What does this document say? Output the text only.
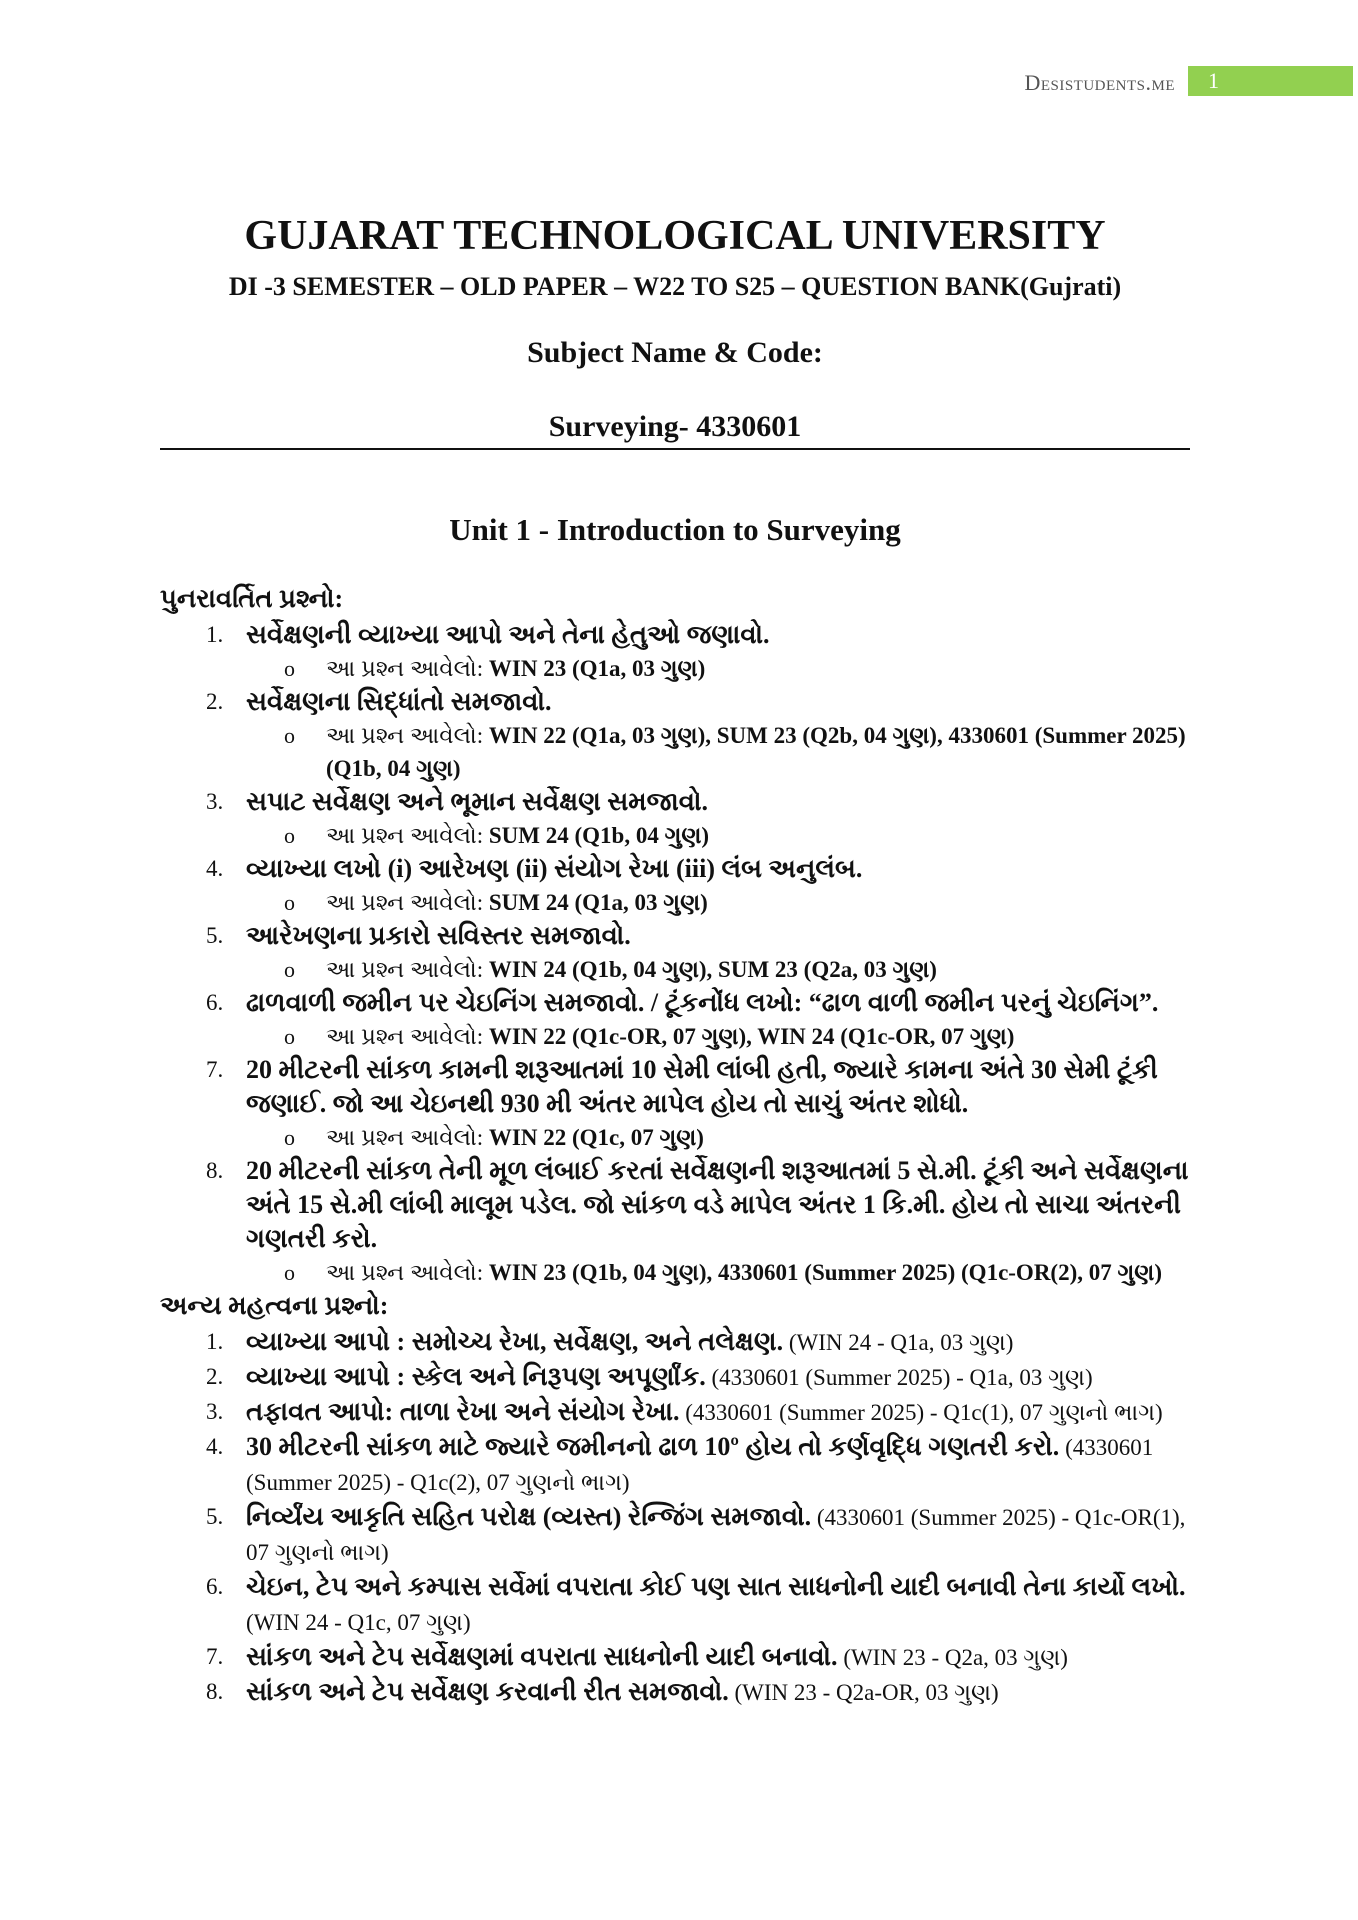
Desistudents.me	1
GUJARAT TECHNOLOGICAL UNIVERSITY
DI -3 SEMESTER – OLD PAPER – W22 TO S25 – QUESTION BANK(Gujrati)
Subject Name & Code:
Surveying- 4330601
Unit 1 - Introduction to Surveying
પુનરાવર્તિત પ્રશ્નો:
1. સર્વેક્ષણની વ્યાખ્યા આપો અને તેના હેતુઓ જણાવો.
o આ પ્રશ્ન આવેલો: WIN 23 (Q1a, 03 ગુણ)
2. સર્વેક્ષણના સિદ્ધાંતો સમજાવો.
o આ પ્રશ્ન આવેલો: WIN 22 (Q1a, 03 ગુણ), SUM 23 (Q2b, 04 ગુણ), 4330601 (Summer 2025) (Q1b, 04 ગુણ)
3. સપાટ સર્વેક્ષણ અને ભૂમાન સર્વેક્ષણ સમજાવો.
o આ પ્રશ્ન આવેલો: SUM 24 (Q1b, 04 ગુણ)
4. વ્યાખ્યા લખો (i) આરેખણ (ii) સંયોગ રેખા (iii) લંબ અનુલંબ.
o આ પ્રશ્ન આવેલો: SUM 24 (Q1a, 03 ગુણ)
5. આરેખણના પ્રકારો સવિસ્તર સમજાવો.
o આ પ્રશ્ન આવેલો: WIN 24 (Q1b, 04 ગુણ), SUM 23 (Q2a, 03 ગુણ)
6. ઢાળવાળી જમીન પર ચેઇનિંગ સમજાવો. / ટૂંકનોંધ લખો: “ઢાળ વાળી જમીન પરનું ચેઇનિંગ”.
o આ પ્રશ્ન આવેલો: WIN 22 (Q1c-OR, 07 ગુણ), WIN 24 (Q1c-OR, 07 ગુણ)
7. 20 મીટરની સાંકળ કામની શરૂઆતમાં 10 સેમી લાંબી હતી, જ્યારે કામના અંતે 30 સેમી ટૂંકી જણાઈ. જો આ ચેઇનથી 930 મી અંતર માપેલ હોય તો સાચું અંતર શોધો.
o આ પ્રશ્ન આવેલો: WIN 22 (Q1c, 07 ગુણ)
8. 20 મીટરની સાંકળ તેની મૂળ લંબાઈ કરતાં સર્વેક્ષણની શરૂઆતમાં 5 સે.મી. ટૂંકી અને સર્વેક્ષણના અંતે 15 સે.મી લાંબી માલૂમ પડેલ. જો સાંકળ વડે માપેલ અંતર 1 કિ.મી. હોય તો સાચા અંતરની ગણતરી કરો.
o આ પ્રશ્ન આવેલો: WIN 23 (Q1b, 04 ગુણ), 4330601 (Summer 2025) (Q1c-OR(2), 07 ગુણ)
અન્ય મહત્વના પ્રશ્નો:
1. વ્યાખ્યા આપો : સમોચ્ચ રેખા, સર્વેક્ષણ, અને તલેક્ષણ. (WIN 24 - Q1a, 03 ગુણ)
2. વ્યાખ્યા આપો : સ્કેલ અને નિરૂપણ અપૂર્ણાંક. (4330601 (Summer 2025) - Q1a, 03 ગુણ)
3. તફાવત આપો: તાળા રેખા અને સંયોગ રેખા. (4330601 (Summer 2025) - Q1c(1), 07 ગુણનો ભાગ)
4. 30 મીટરની સાંકળ માટે જ્યારે જમીનનો ઢાળ 10º હોય તો કર્ણવૃદ્ધિ ગણતરી કરો. (4330601 (Summer 2025) - Q1c(2), 07 ગુણનો ભાગ)
5. નિર્વ્યંય આકૃતિ સહિત પરોક્ષ (વ્યસ્ત) રેન્જિંગ સમજાવો. (4330601 (Summer 2025) - Q1c-OR(1), 07 ગુણનો ભાગ)
6. ચેઇન, ટેપ અને કમ્પાસ સર્વેમાં વપરાતા કોઈ પણ સાત સાધનોની યાદી બનાવી તેના કાર્યો લખો. (WIN 24 - Q1c, 07 ગુણ)
7. સાંકળ અને ટેપ સર્વેક્ષણમાં વપરાતા સાધનોની યાદી બનાવો. (WIN 23 - Q2a, 03 ગુણ)
8. સાંકળ અને ટેપ સર્વેક્ષણ કરવાની રીત સમજાવો. (WIN 23 - Q2a-OR, 03 ગુણ)
